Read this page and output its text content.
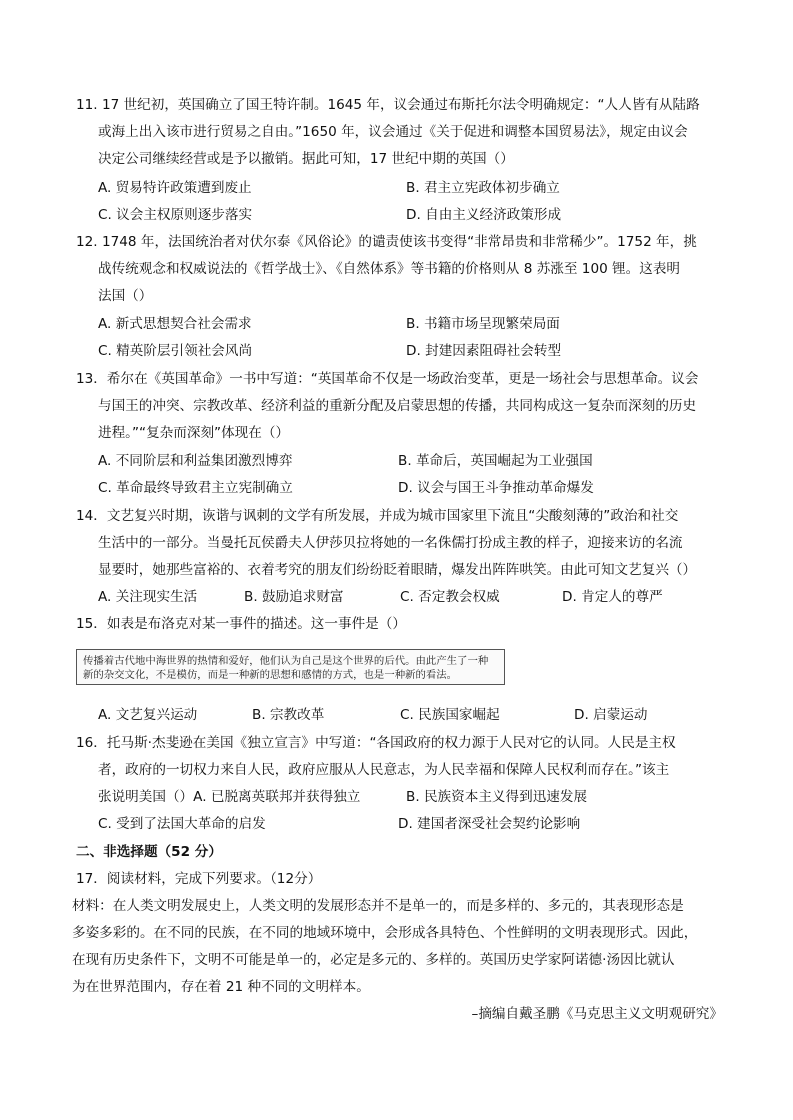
11. 17 世纪初，英国确立了国王特许制。1645 年，议会通过布斯托尔法令明确规定：“人人皆有从陆路
或海上出入该市进行贸易之自由。”1650 年，议会通过《关于促进和调整本国贸易法》，规定由议会
决定公司继续经营或是予以撤销。据此可知，17 世纪中期的英国（）
A. 贸易特许政策遭到废止	B. 君主立宪政体初步确立
C. 议会主权原则逐步落实	D. 自由主义经济政策形成
12. 1748 年，法国统治者对伏尔泰《风俗论》的谴责使该书变得“非常昂贵和非常稀少”。1752 年，挑
战传统观念和权威说法的《哲学战士》、《自然体系》等书籍的价格则从 8 苏涨至 100 锂。这表明
法国（）
A. 新式思想契合社会需求	B. 书籍市场呈现繁荣局面
C. 精英阶层引领社会风尚	D. 封建因素阻碍社会转型
13．希尔在《英国革命》一书中写道：“英国革命不仅是一场政治变革，更是一场社会与思想革命。议会
与国王的冲突、宗教改革、经济利益的重新分配及启蒙思想的传播，共同构成这一复杂而深刻的历史
进程。”“复杂而深刻”体现在（）
A. 不同阶层和利益集团激烈博弈	B. 革命后，英国崛起为工业强国
C. 革命最终导致君主立宪制确立	D. 议会与国王斗争推动革命爆发
14．文艺复兴时期，诙谐与讽刺的文学有所发展，并成为城市国家里下流且“尖酸刻薄的”政治和社交
生活中的一部分。当曼托瓦侯爵夫人伊莎贝拉将她的一名侏儒打扮成主教的样子，迎接来访的名流
显要时，她那些富裕的、衣着考究的朋友们纷纷眨着眼睛，爆发出阵阵哄笑。由此可知文艺复兴（）
A. 关注现实生活	B. 鼓励追求财富	C. 否定教会权威	D. 肯定人的尊严
15．如表是布洛克对某一事件的描述。这一事件是（）
传播着古代地中海世界的热情和爱好，他们认为自己是这个世界的后代。由此产生了一种
新的杂交文化，不是模仿，而是一种新的思想和感情的方式，也是一种新的看法。
A. 文艺复兴运动	B. 宗教改革	C. 民族国家崛起	D. 启蒙运动
16．托马斯·杰斐逊在美国《独立宣言》中写道：“各国政府的权力源于人民对它的认同。人民是主权
者，政府的一切权力来自人民，政府应服从人民意志，为人民幸福和保障人民权利而存在。”该主
张说明美国（）A. 已脱离英联邦并获得独立	B. 民族资本主义得到迅速发展
C. 受到了法国大革命的启发	D. 建国者深受社会契约论影响
二、非选择题（52 分）
17．阅读材料，完成下列要求。（12分）
材料：在人类文明发展史上，人类文明的发展形态并不是单一的，而是多样的、多元的，其表现形态是
多姿多彩的。在不同的民族，在不同的地域环境中，会形成各具特色、个性鲜明的文明表现形式。因此，
在现有历史条件下，文明不可能是单一的，必定是多元的、多样的。英国历史学家阿诺德·汤因比就认
为在世界范围内，存在着 21 种不同的文明样本。
–摘编自戴圣鹏《马克思主义文明观研究》
